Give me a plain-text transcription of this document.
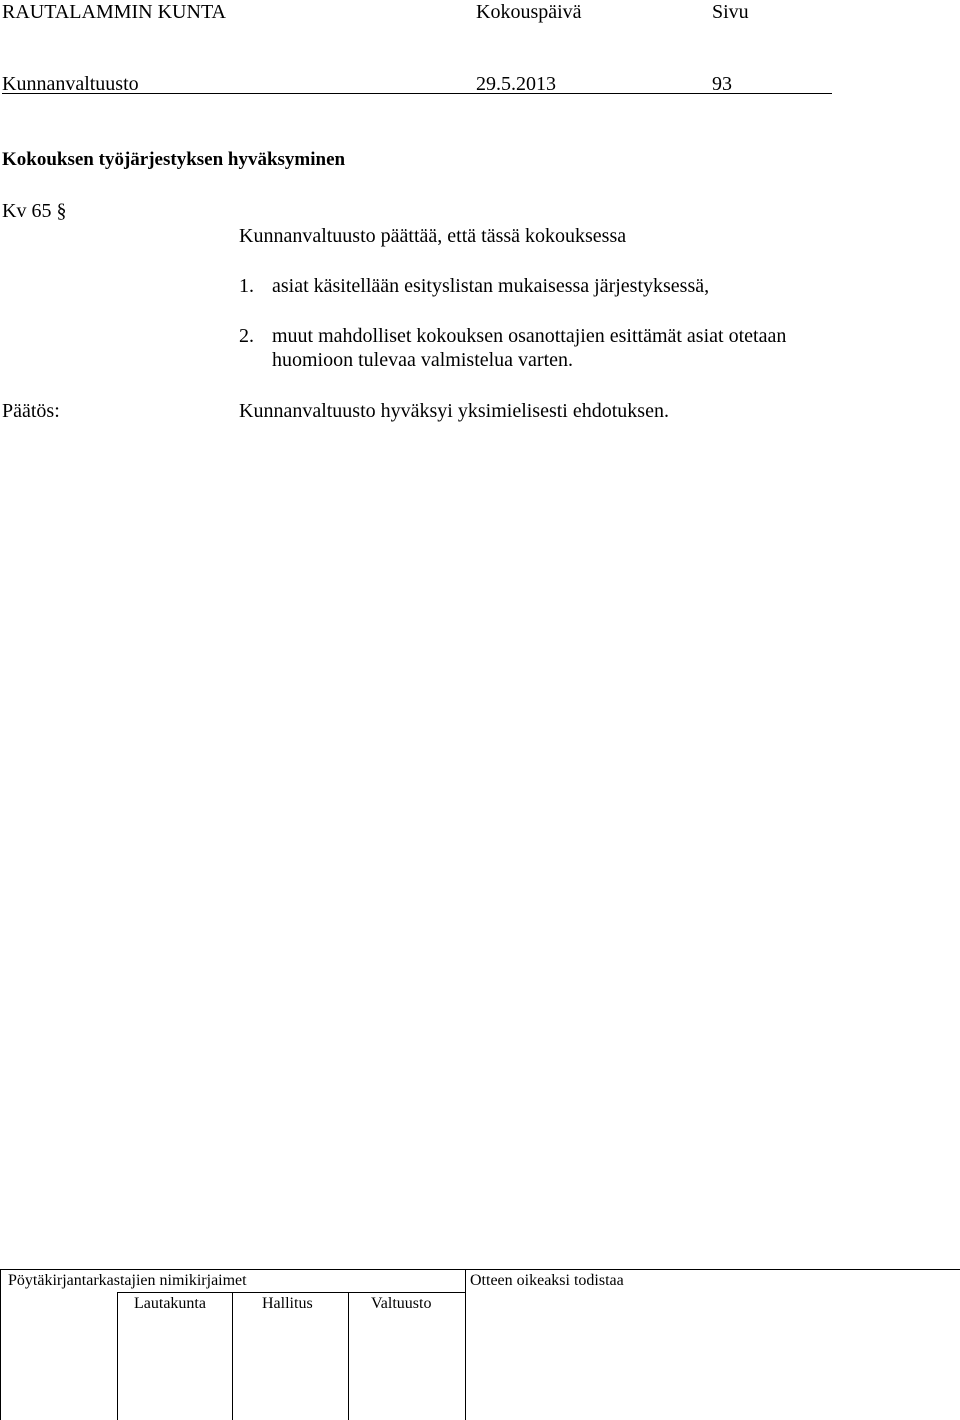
RAUTALAMMIN KUNTA	Kokouspäivä	Sivu
Kunnanvaltuusto	29.5.2013	93
Kokouksen työjärjestyksen hyväksyminen
Kv 65 §
Kunnanvaltuusto päättää, että tässä kokouksessa
1. asiat käsitellään esityslistan mukaisessa järjestyksessä,
2. muut mahdolliset kokouksen osanottajien esittämät asiat otetaan
huomioon tulevaa valmistelua varten.
Päätös:	Kunnanvaltuusto hyväksyi yksimielisesti ehdotuksen.
Pöytäkirjantarkastajien nimikirjaimet	Otteen oikeaksi todistaa
Lautakunta	Hallitus	Valtuusto
